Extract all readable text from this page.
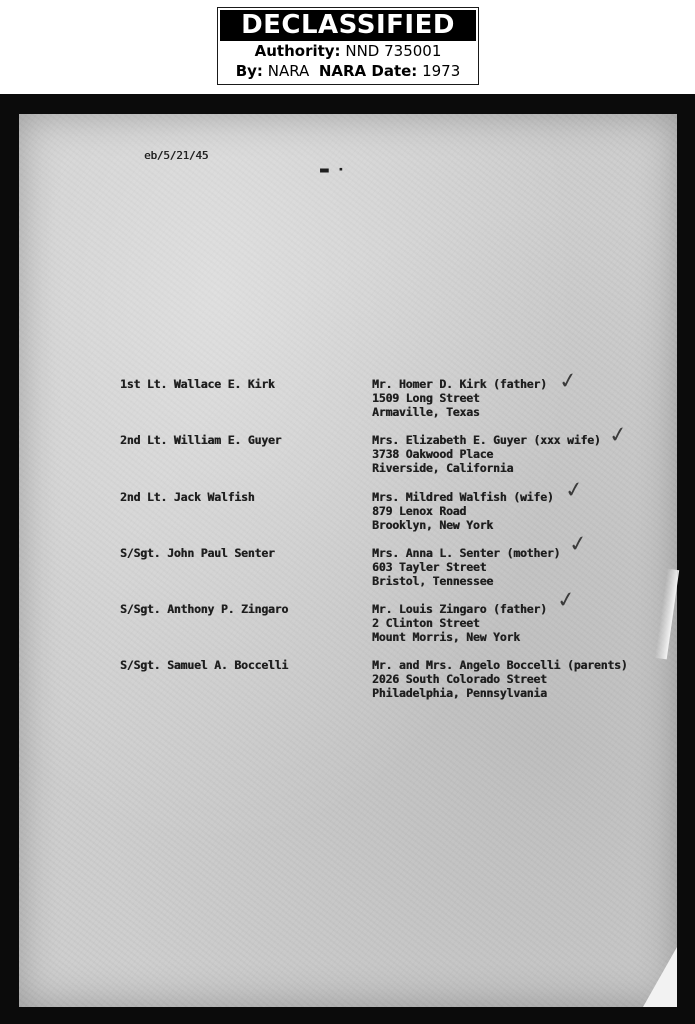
DECLASSIFIED
Authority: NND 735001
By: NARA NARA Date: 1973
eb/5/21/45
▬ ·
1st Lt. Wallace E. Kirk	Mr. Homer D. Kirk (father)
1509 Long Street
Armaville, Texas
✓
2nd Lt. William E. Guyer	Mrs. Elizabeth E. Guyer (xxx wife)
3738 Oakwood Place
Riverside, California
✓
2nd Lt. Jack Walfish	Mrs. Mildred Walfish (wife)
879 Lenox Road
Brooklyn, New York
✓
S/Sgt. John Paul Senter	Mrs. Anna L. Senter (mother)
603 Tayler Street
Bristol, Tennessee
✓
S/Sgt. Anthony P. Zingaro	Mr. Louis Zingaro (father)
2 Clinton Street
Mount Morris, New York
✓
S/Sgt. Samuel A. Boccelli	Mr. and Mrs. Angelo Boccelli (parents)
2026 South Colorado Street
Philadelphia, Pennsylvania
